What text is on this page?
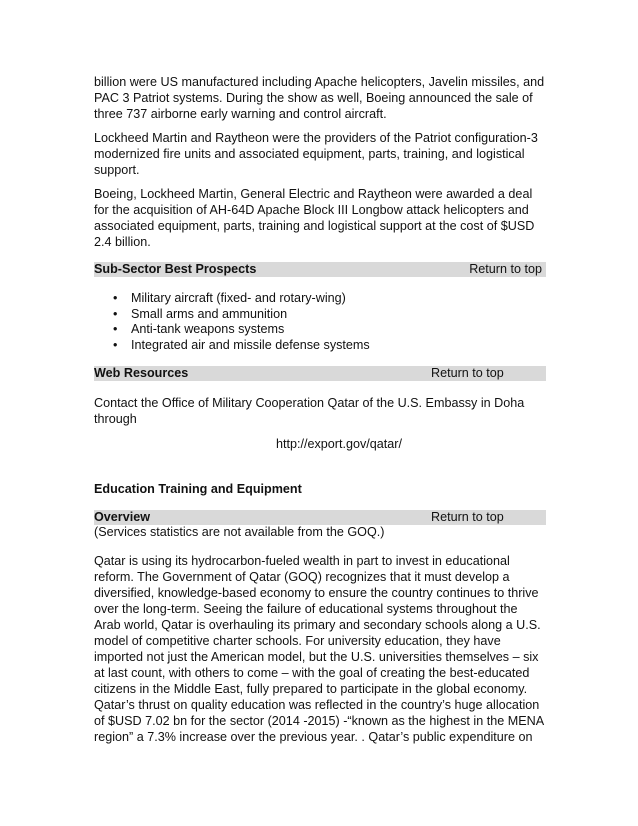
billion were US manufactured including Apache helicopters, Javelin missiles, and PAC 3 Patriot systems. During the show as well, Boeing announced the sale of three 737 airborne early warning and control aircraft.

Lockheed Martin and Raytheon were the providers of the Patriot configuration-3 modernized fire units and associated equipment, parts, training, and logistical support.

Boeing, Lockheed Martin, General Electric and Raytheon were awarded a deal for the acquisition of AH-64D Apache Block III Longbow attack helicopters and associated equipment, parts, training and logistical support at the cost of $USD 2.4 billion.

Sub-Sector Best Prospects	Return to top
• Military aircraft (fixed- and rotary-wing)
• Small arms and ammunition
• Anti-tank weapons systems
• Integrated air and missile defense systems
Web Resources	Return to top

Contact the Office of Military Cooperation Qatar of the U.S. Embassy in Doha through

http://export.gov/qatar/
Education Training and Equipment
Overview	Return to top

(Services statistics are not available from the GOQ.)

Qatar is using its hydrocarbon-fueled wealth in part to invest in educational reform. The Government of Qatar (GOQ) recognizes that it must develop a diversified, knowledge-based economy to ensure the country continues to thrive over the long-term. Seeing the failure of educational systems throughout the Arab world, Qatar is overhauling its primary and secondary schools along a U.S. model of competitive charter schools. For university education, they have imported not just the American model, but the U.S. universities themselves – six at last count, with others to come – with the goal of creating the best-educated citizens in the Middle East, fully prepared to participate in the global economy.

Qatar’s thrust on quality education was reflected in the country’s huge allocation of $USD 7.02 bn for the sector (2014 -2015) -“known as the highest in the MENA region” a 7.3% increase over the previous year. . Qatar’s public expenditure on
